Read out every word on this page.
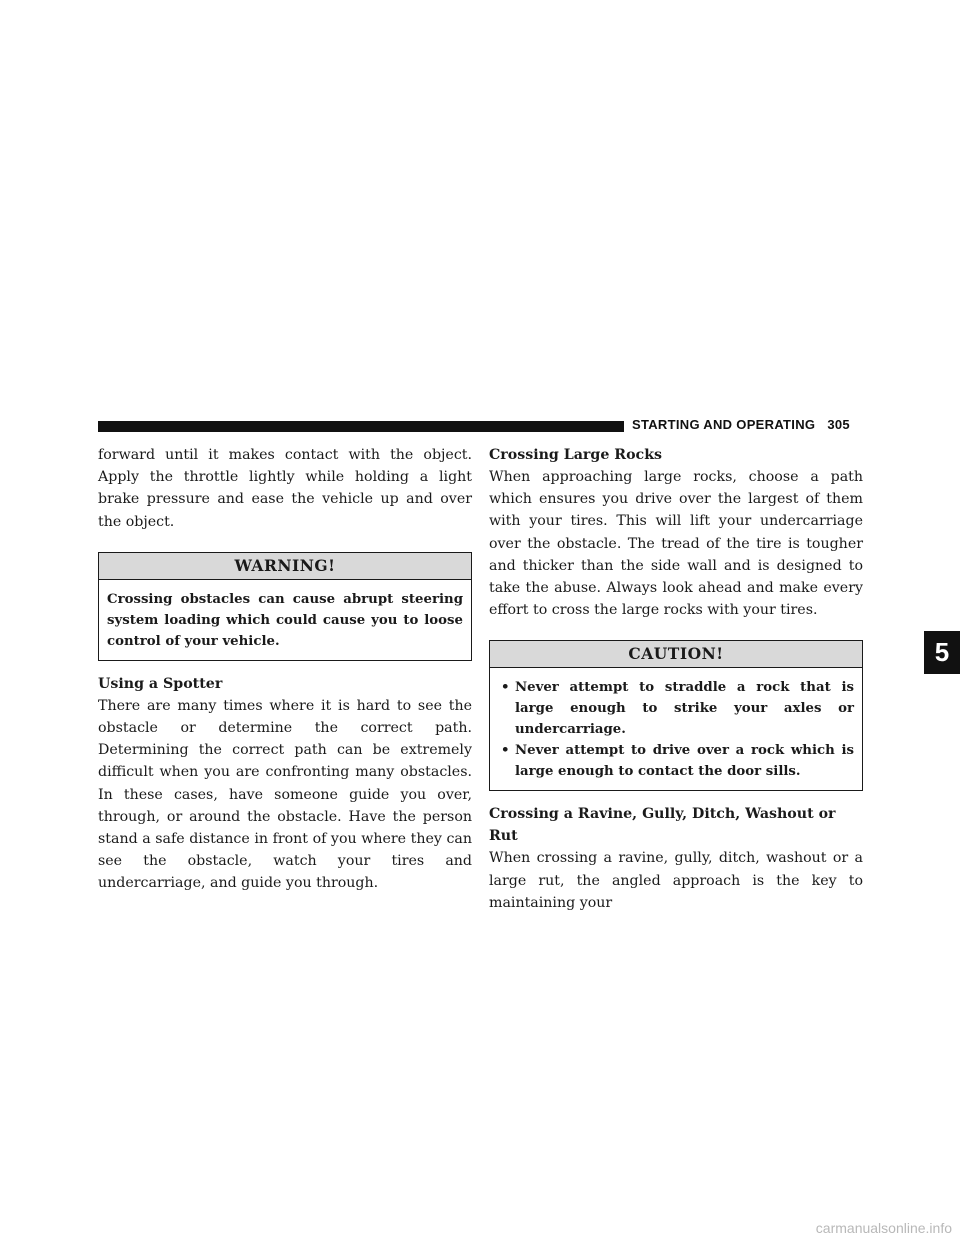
STARTING AND OPERATING 305

forward until it makes contact with the object. Apply the throttle lightly while holding a light brake pressure and ease the vehicle up and over the object.

WARNING!
Crossing obstacles can cause abrupt steering system loading which could cause you to loose control of your vehicle.
Using a Spotter

There are many times where it is hard to see the obstacle or determine the correct path. Determining the correct path can be extremely difficult when you are confronting many obstacles. In these cases, have someone guide you over, through, or around the obstacle. Have the person stand a safe distance in front of you where they can see the obstacle, watch your tires and undercarriage, and guide you through.

Crossing Large Rocks

When approaching large rocks, choose a path which ensures you drive over the largest of them with your tires. This will lift your undercarriage over the obstacle. The tread of the tire is tougher and thicker than the side wall and is designed to take the abuse. Always look ahead and make every effort to cross the large rocks with your tires.

CAUTION!
• Never attempt to straddle a rock that is large enough to strike your axles or undercarriage.
• Never attempt to drive over a rock which is large enough to contact the door sills.
Crossing a Ravine, Gully, Ditch, Washout or Rut

When crossing a ravine, gully, ditch, washout or a large rut, the angled approach is the key to maintaining your

5
carmanualsonline.info
